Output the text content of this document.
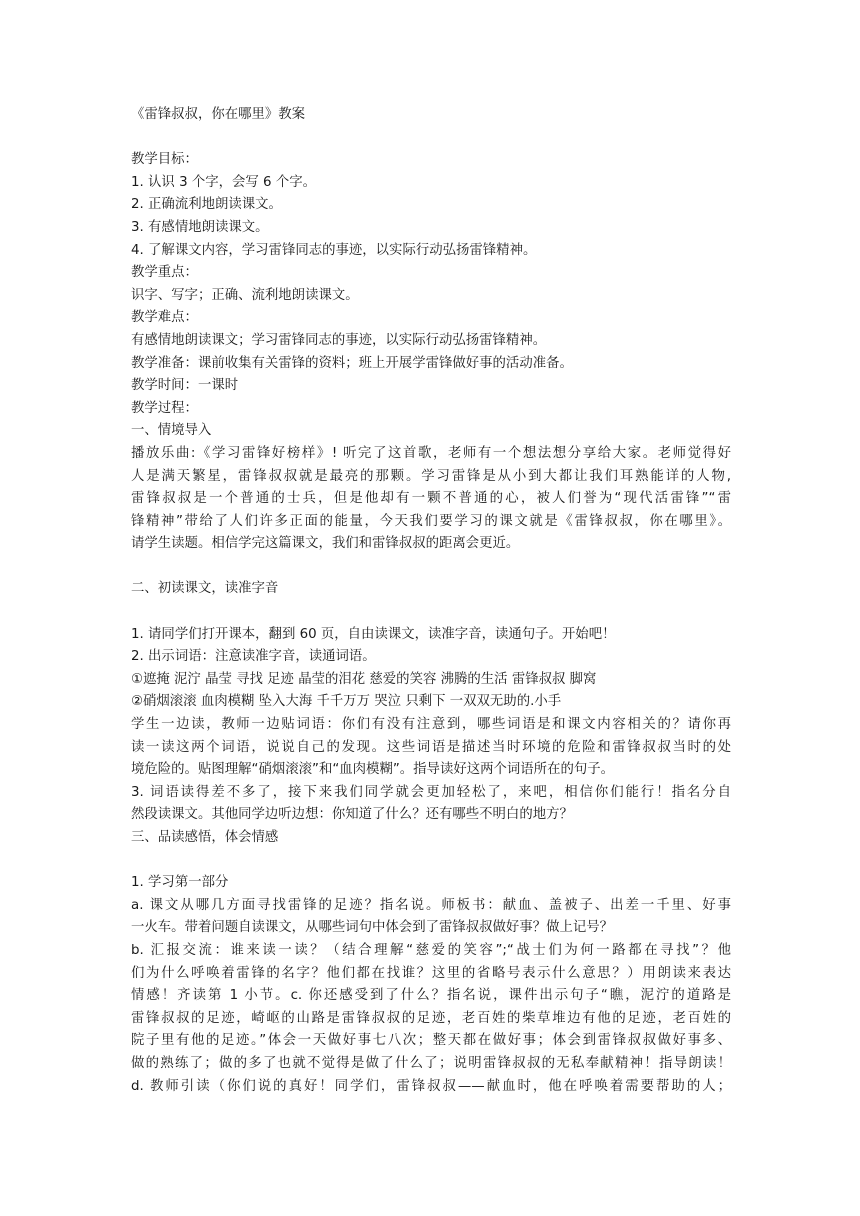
《雷锋叔叔，你在哪里》教案
教学目标：
1. 认识 3 个字，会写 6 个字。
2. 正确流利地朗读课文。
3. 有感情地朗读课文。
4. 了解课文内容，学习雷锋同志的事迹，以实际行动弘扬雷锋精神。
教学重点：
识字、写字；正确、流利地朗读课文。
教学难点：
有感情地朗读课文；学习雷锋同志的事迹，以实际行动弘扬雷锋精神。
教学准备：课前收集有关雷锋的资料；班上开展学雷锋做好事的活动准备。
教学时间：一课时
教学过程：
一、情境导入
播放乐曲:《学习雷锋好榜样》! 听完了这首歌，老师有一个想法想分享给大家。老师觉得好
人是满天繁星，雷锋叔叔就是最亮的那颗。学习雷锋是从小到大都让我们耳熟能详的人物,
雷锋叔叔是一个普通的士兵，但是他却有一颗不普通的心，被人们誉为“现代活雷锋”“雷
锋精神”带给了人们许多正面的能量，今天我们要学习的课文就是《雷锋叔叔，你在哪里》。
请学生读题。相信学完这篇课文，我们和雷锋叔叔的距离会更近。
二、初读课文，读准字音
1. 请同学们打开课本，翻到 60 页，自由读课文，读准字音，读通句子。开始吧！
2. 出示词语：注意读准字音，读通词语。
①遮掩 泥泞 晶莹 寻找 足迹 晶莹的泪花 慈爱的笑容 沸腾的生活 雷锋叔叔 脚窝
②硝烟滚滚 血肉模糊 坠入大海 千千万万 哭泣 只剩下 一双双无助的.小手
学生一边读，教师一边贴词语：你们有没有注意到，哪些词语是和课文内容相关的？请你再
读一读这两个词语，说说自己的发现。这些词语是描述当时环境的危险和雷锋叔叔当时的处
境危险的。贴图理解“硝烟滚滚”和“血肉模糊”。指导读好这两个词语所在的句子。
3. 词语读得差不多了，接下来我们同学就会更加轻松了，来吧，相信你们能行！指名分自
然段读课文。其他同学边听边想：你知道了什么？还有哪些不明白的地方？
三、品读感悟，体会情感
1. 学习第一部分
a. 课文从哪几方面寻找雷锋的足迹？指名说。师板书：献血、盖被子、出差一千里、好事
一火车。带着问题自读课文，从哪些词句中体会到了雷锋叔叔做好事？做上记号？
b. 汇报交流：谁来读一读？（结合理解“慈爱的笑容”;“战士们为何一路都在寻找”？他
们为什么呼唤着雷锋的名字？他们都在找谁？这里的省略号表示什么意思？）用朗读来表达
情感！齐读第 1 小节。c. 你还感受到了什么？指名说，课件出示句子“瞧，泥泞的道路是
雷锋叔叔的足迹，崎岖的山路是雷锋叔叔的足迹，老百姓的柴草堆边有他的足迹，老百姓的
院子里有他的足迹。”体会一天做好事七八次；整天都在做好事；体会到雷锋叔叔做好事多、
做的熟练了；做的多了也就不觉得是做了什么了；说明雷锋叔叔的无私奉献精神！指导朗读！
d. 教师引读（你们说的真好！同学们，雷锋叔叔——献血时，他在呼唤着需要帮助的人；
